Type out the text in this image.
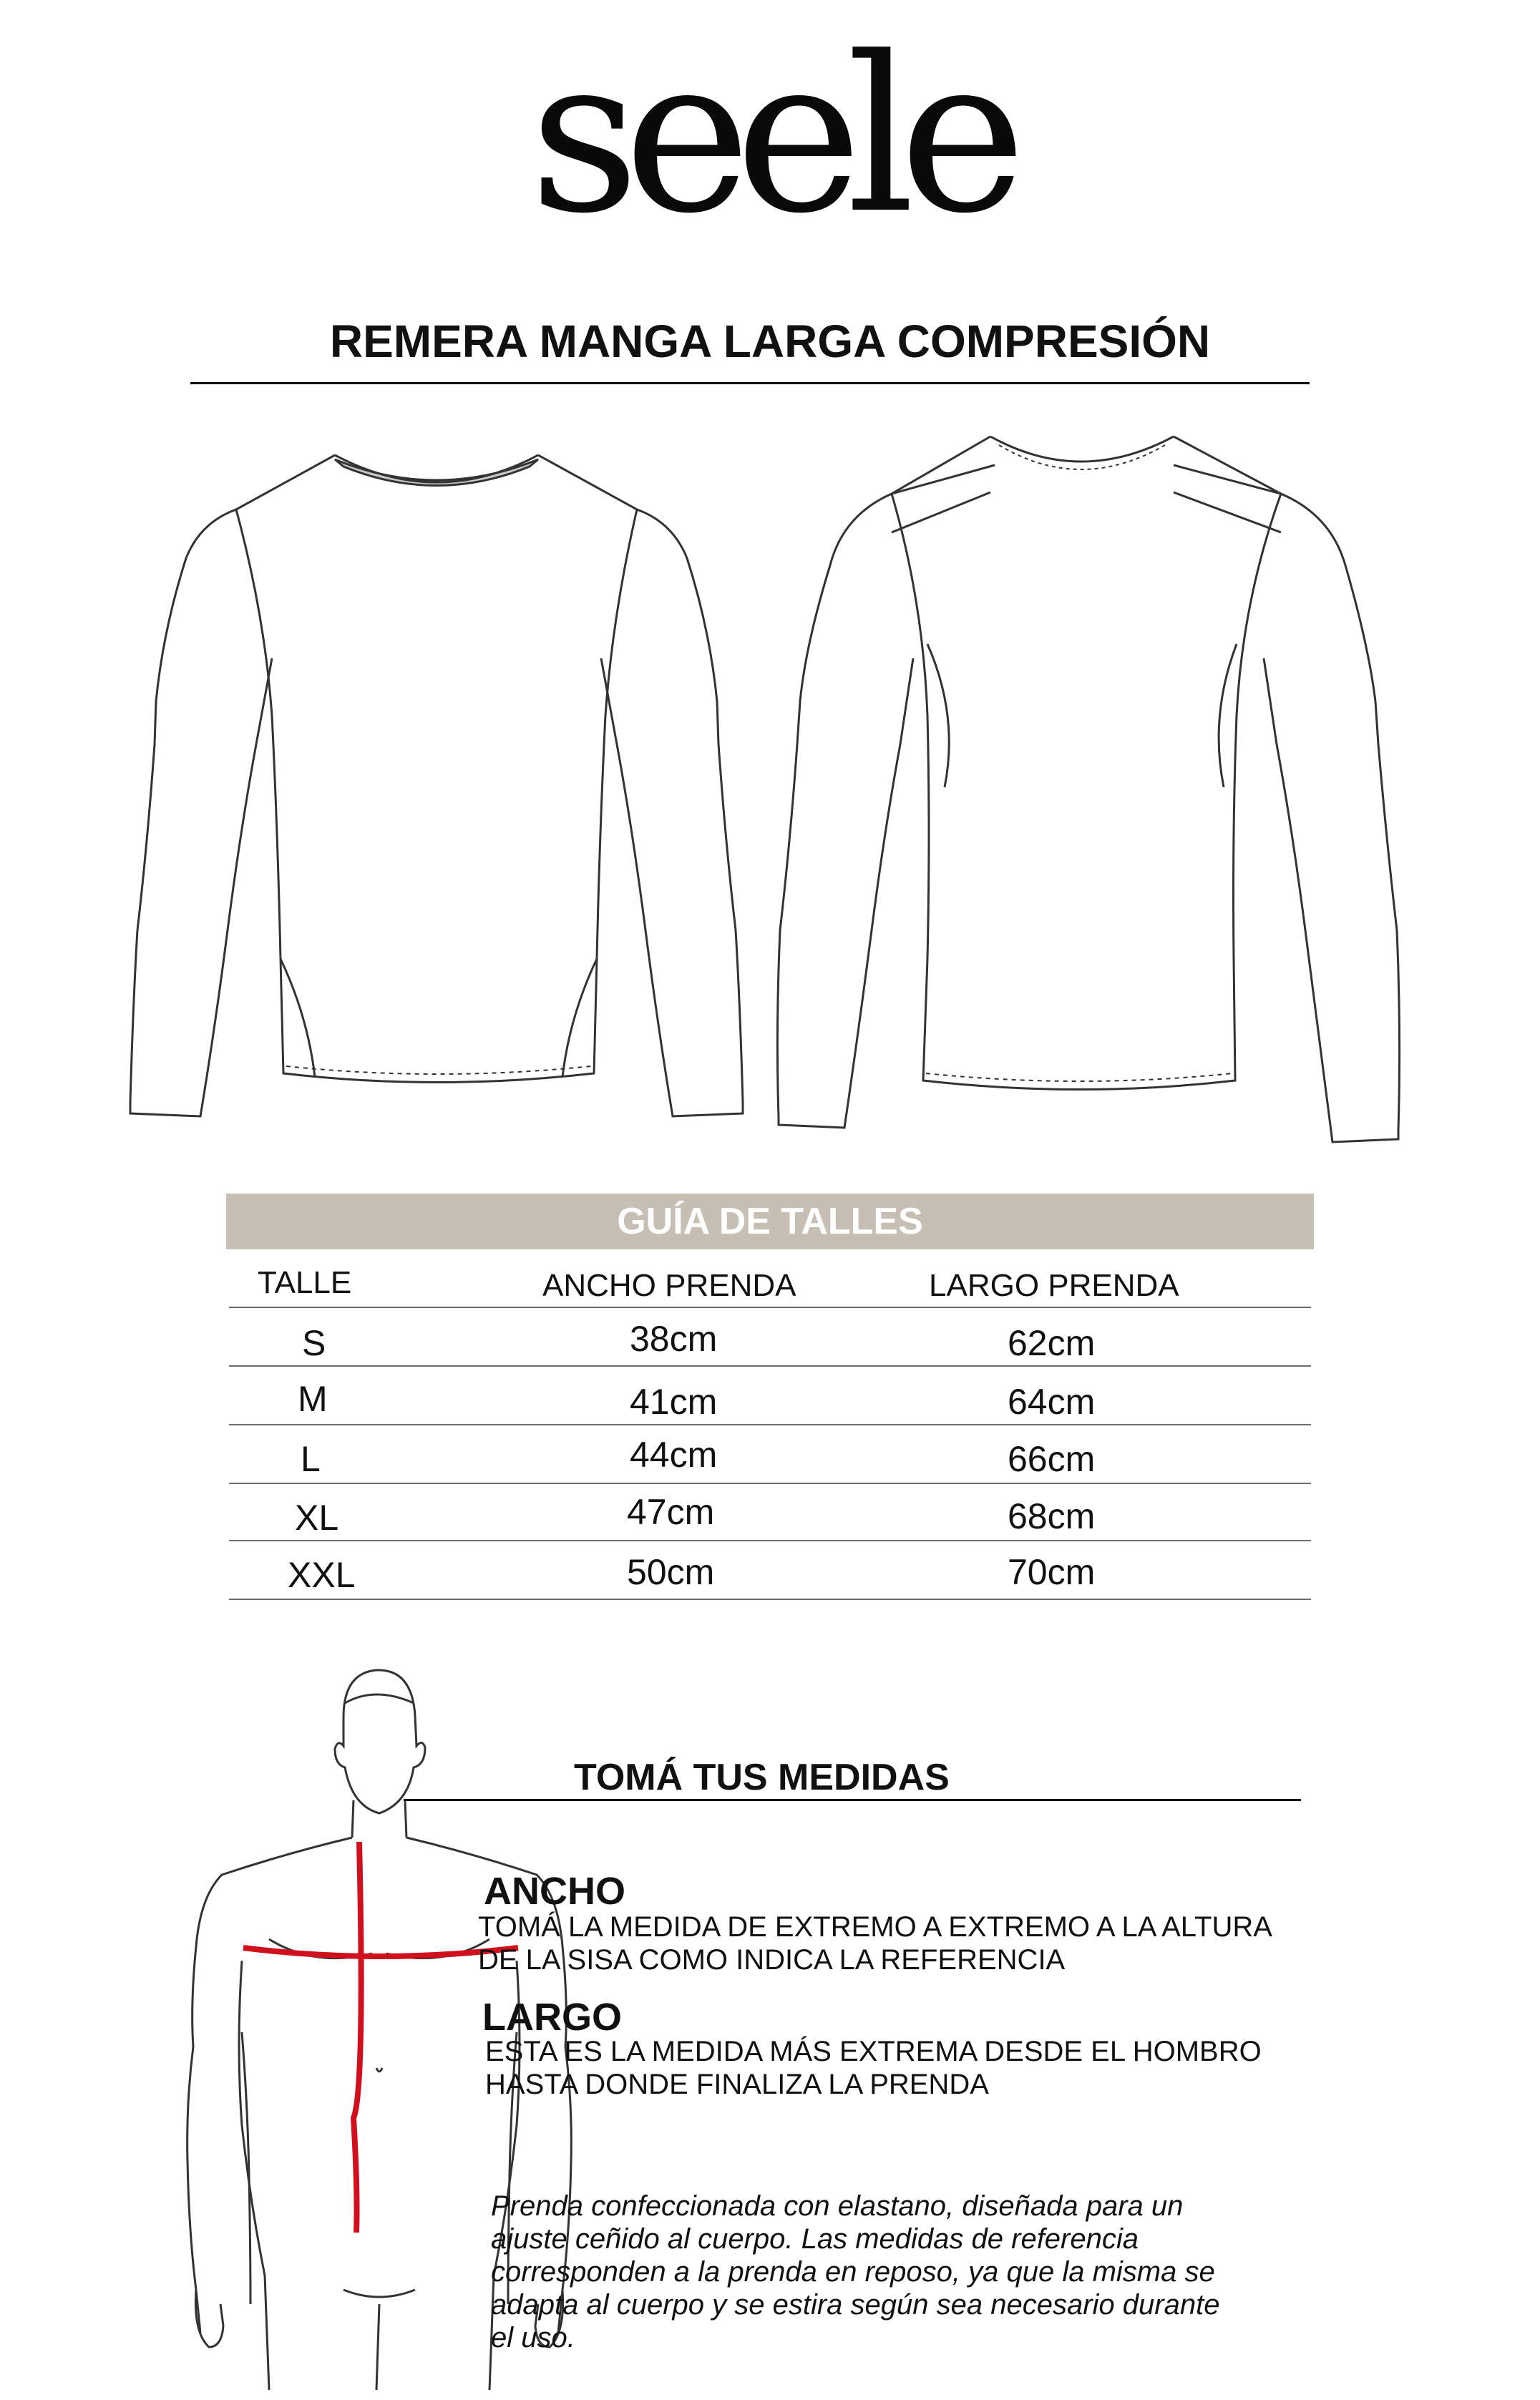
seele
REMERA MANGA LARGA COMPRESIÓN
GUÍA DE TALLES
TALLE	ANCHO PRENDA	LARGO PRENDA
S	38cm	62cm
M	41cm	64cm
L	44cm	66cm
XL	47cm	68cm
XXL	50cm	70cm
TOMÁ TUS MEDIDAS
ANCHO
TOMÁ LA MEDIDA DE EXTREMO A EXTREMO A LA ALTURA
DE LA SISA COMO INDICA LA REFERENCIA
LARGO
ESTA ES LA MEDIDA MÁS EXTREMA DESDE EL HOMBRO
HASTA DONDE FINALIZA LA PRENDA
Prenda confeccionada con elastano, diseñada para un ajuste ceñido al cuerpo. Las medidas de referencia corresponden a la prenda en reposo, ya que la misma se adapta al cuerpo y se estira según sea necesario durante el uso.
